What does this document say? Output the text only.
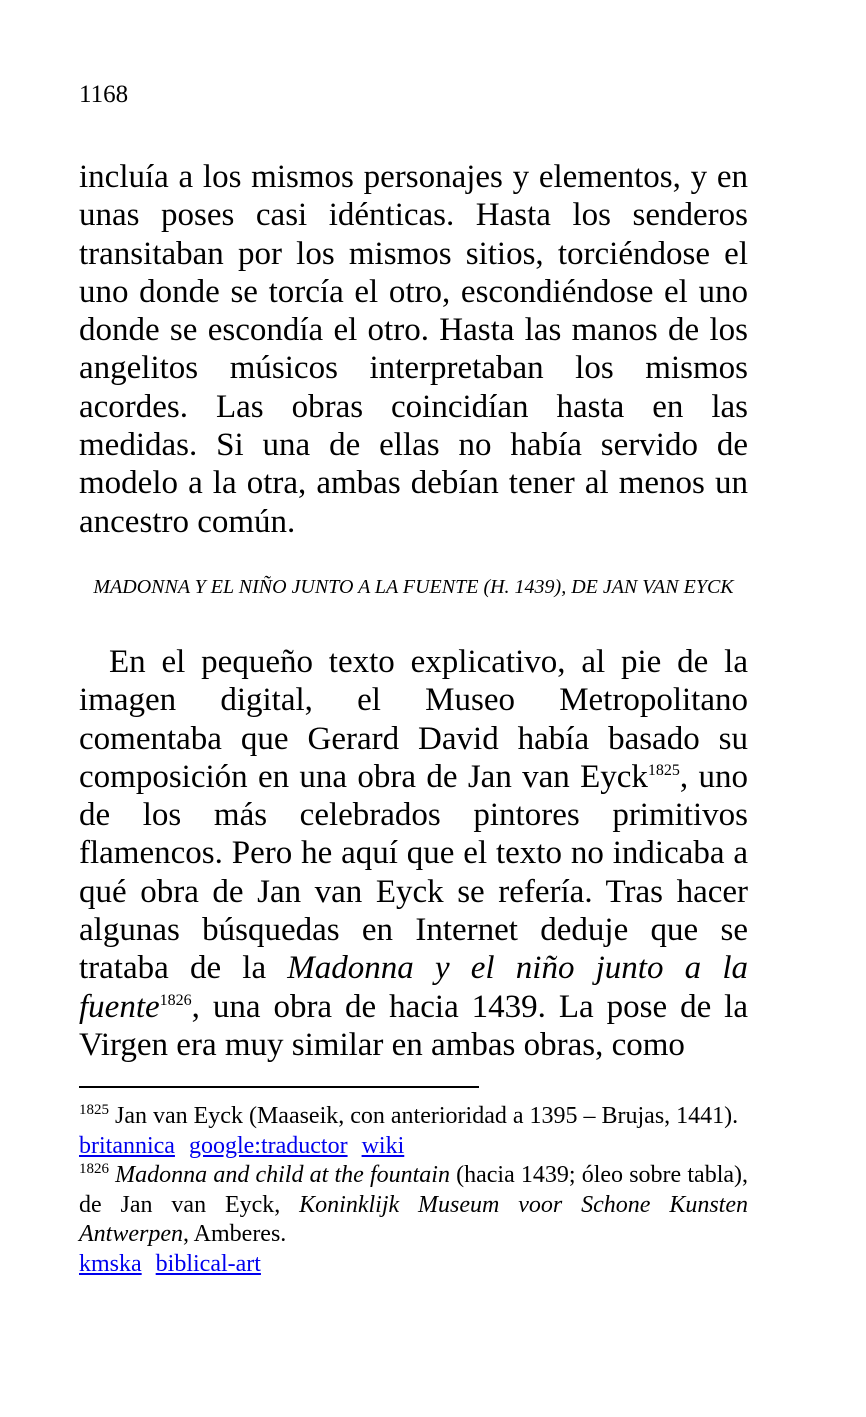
1168

incluía a los mismos personajes y elementos, y en unas poses casi idénticas. Hasta los senderos transitaban por los mismos sitios, torciéndose el uno donde se torcía el otro, escondiéndose el uno donde se escondía el otro. Hasta las manos de los angelitos músicos interpretaban los mismos acordes. Las obras coincidían hasta en las medidas. Si una de ellas no había servido de modelo a la otra, ambas debían tener al menos un ancestro común.

MADONNA Y EL NIÑO JUNTO A LA FUENTE (H. 1439), DE JAN VAN EYCK

En el pequeño texto explicativo, al pie de la imagen digital, el Museo Metropolitano comentaba que Gerard David había basado su composición en una obra de Jan van Eyck$^{1825}$, uno de los más celebrados pintores primitivos flamencos. Pero he aquí que el texto no indicaba a qué obra de Jan van Eyck se refería. Tras hacer algunas búsquedas en Internet deduje que se trataba de la Madonna y el niño junto a la fuente$^{1826}$, una obra de hacia 1439. La pose de la Virgen era muy similar en ambas obras, como

$^{1825}$ Jan van Eyck (Maaseik, con anterioridad a 1395 – Brujas, 1441).

britannica google:traductor wiki

$^{1826}$ Madonna and child at the fountain (hacia 1439; óleo sobre tabla), de Jan van Eyck, Koninklijk Museum voor Schone Kunsten Antwerpen, Amberes.

kmska biblical-art
